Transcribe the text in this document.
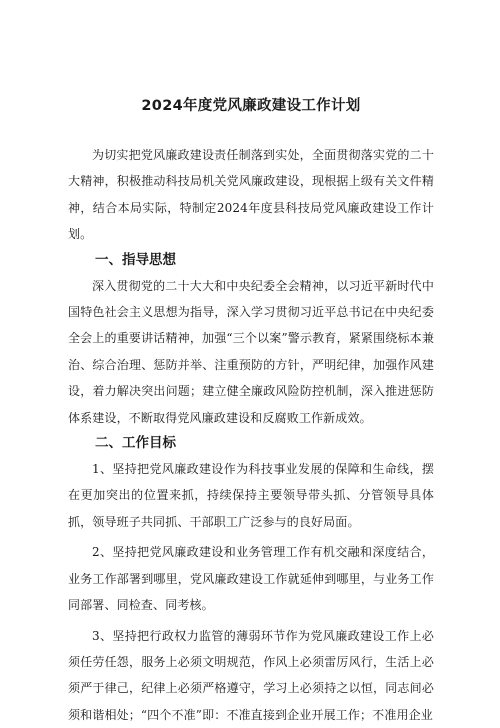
2024年度党风廉政建设工作计划

为切实把党风廉政建设责任制落到实处，全面贯彻落实党的二十大精神，积极推动科技局机关党风廉政建设，现根据上级有关文件精神，结合本局实际，特制定2024年度县科技局党风廉政建设工作计划。

一、指导思想

深入贯彻党的二十大大和中央纪委全会精神，以习近平新时代中国特色社会主义思想为指导，深入学习贯彻习近平总书记在中央纪委全会上的重要讲话精神，加强“三个以案”警示教育，紧紧围绕标本兼治、综合治理、惩防并举、注重预防的方针，严明纪律，加强作风建设，着力解决突出问题；建立健全廉政风险防控机制，深入推进惩防体系建设，不断取得党风廉政建设和反腐败工作新成效。

二、工作目标

1、坚持把党风廉政建设作为科技事业发展的保障和生命线，摆在更加突出的位置来抓，持续保持主要领导带头抓、分管领导具体抓，领导班子共同抓、干部职工广泛参与的良好局面。

2、坚持把党风廉政建设和业务管理工作有机交融和深度结合，业务工作部署到哪里，党风廉政建设工作就延伸到哪里，与业务工作同部署、同检查、同考核。

3、坚持把行政权力监管的薄弱环节作为党风廉政建设工作上必须任劳任怨，服务上必须文明规范，作风上必须雷厉风行，生活上必须严于律己，纪律上必须严格遵守，学习上必须持之以恒，同志间必须和谐相处；“四个不准”即：不准直接到企业开展工作；不准用企业
